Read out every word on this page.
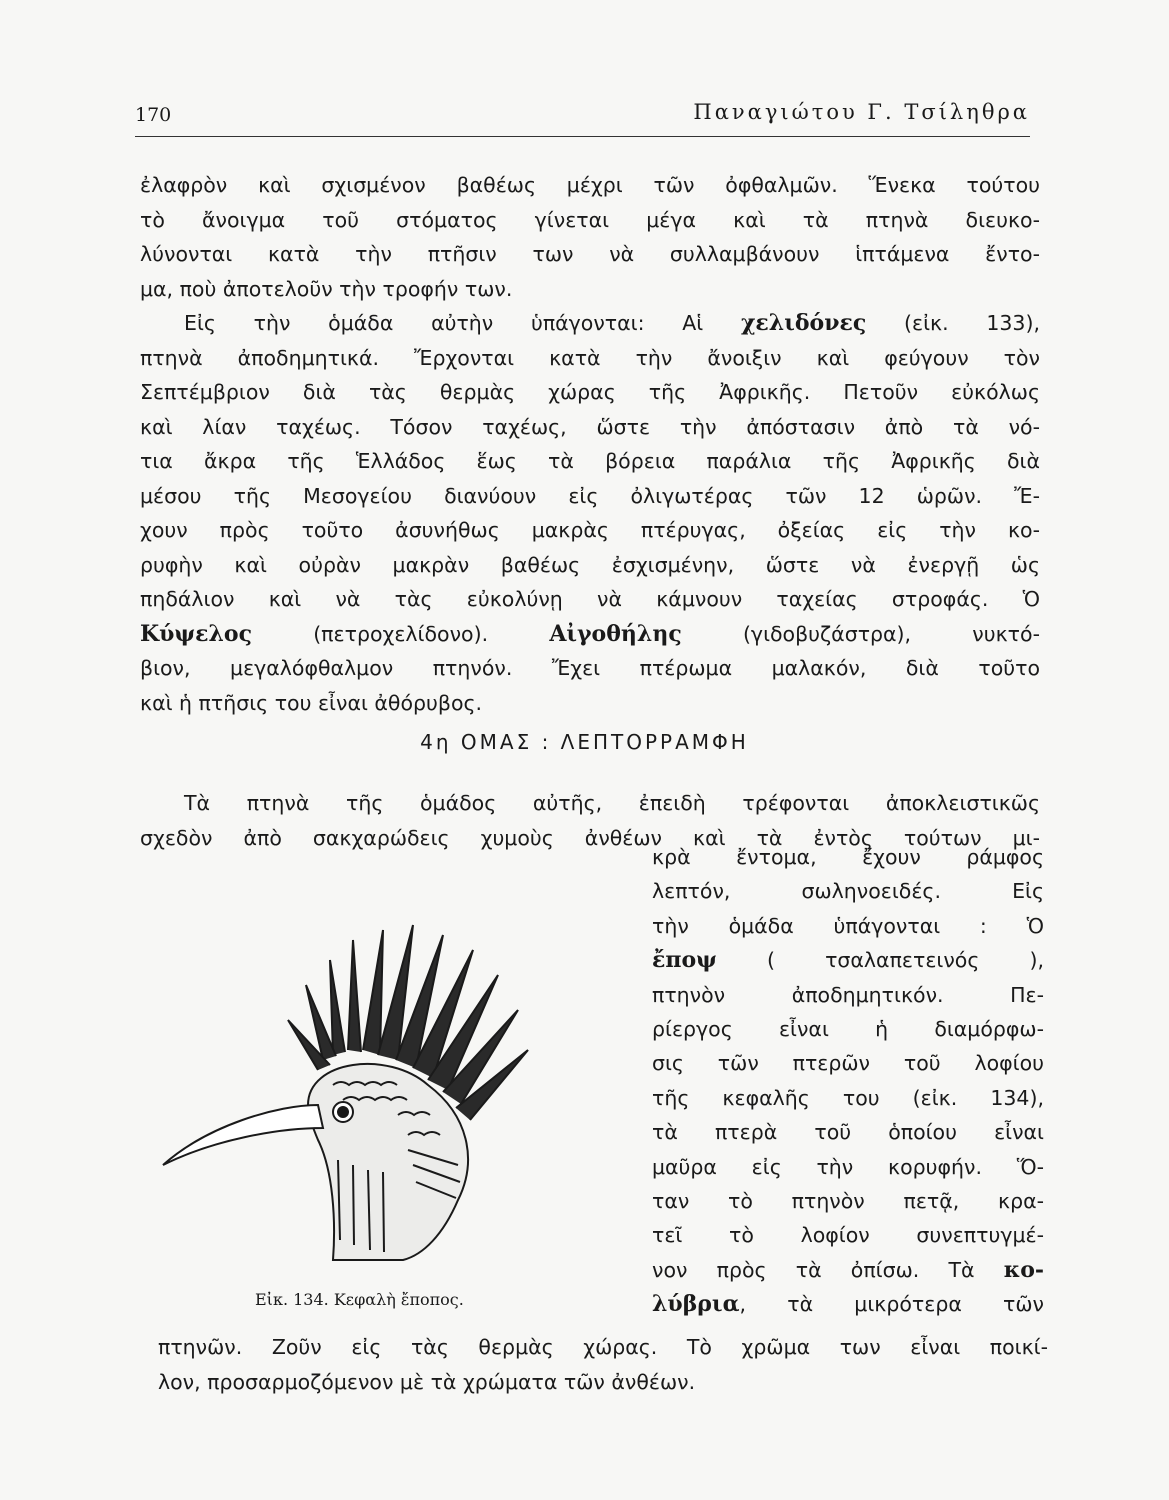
170	Παναγιώτου Γ. Τσίληθρα
ἐλαφρὸν καὶ σχισμένον βαθέως μέχρι τῶν ὀφθαλμῶν. Ἕνεκα τούτου
τὸ ἄνοιγμα τοῦ στόματος γίνεται μέγα καὶ τὰ πτηνὰ διευκο-
λύνονται κατὰ τὴν πτῆσιν των νὰ συλλαμβάνουν ἱπτάμενα ἔντο-
μα, ποὺ ἀποτελοῦν τὴν τροφήν των.
Εἰς τὴν ὁμάδα αὐτὴν ὑπάγονται: Αἱ χελιδόνες (εἰκ. 133),
πτηνὰ ἀποδημητικά. Ἔρχονται κατὰ τὴν ἄνοιξιν καὶ φεύγουν τὸν
Σεπτέμβριον διὰ τὰς θερμὰς χώρας τῆς Ἀφρικῆς. Πετοῦν εὐκόλως
καὶ λίαν ταχέως. Τόσον ταχέως, ὥστε τὴν ἀπόστασιν ἀπὸ τὰ νό-
τια ἄκρα τῆς Ἑλλάδος ἕως τὰ βόρεια παράλια τῆς Ἀφρικῆς διὰ
μέσου τῆς Μεσογείου διανύουν εἰς ὀλιγωτέρας τῶν 12 ὡρῶν. Ἔ-
χουν πρὸς τοῦτο ἀσυνήθως μακρὰς πτέρυγας, ὀξείας εἰς τὴν κο-
ρυφὴν καὶ οὐρὰν μακρὰν βαθέως ἐσχισμένην, ὥστε νὰ ἐνεργῇ ὡς
πηδάλιον καὶ νὰ τὰς εὐκολύνῃ νὰ κάμνουν ταχείας στροφάς. Ὁ
Κύψελος	(πετροχελίδονο).	Αἰγοθήλης	(γιδοβυζάστρα), νυκτό-
βιον, μεγαλόφθαλμον πτηνόν. Ἔχει πτέρωμα μαλακόν, διὰ τοῦτο
καὶ ἡ πτῆσις του εἶναι ἀθόρυβος.
4η ΟΜΑΣ : ΛΕΠΤΟΡΡΑΜΦΗ
Τὰ πτηνὰ τῆς ὁμάδος αὐτῆς, ἐπειδὴ τρέφονται ἀποκλειστικῶς
σχεδὸν ἀπὸ σακχαρώδεις χυμοὺς ἀνθέων καὶ τὰ ἐντὸς τούτων μι-
κρὰ ἔντομα, ἔχουν ράμφος
λεπτόν, σωληνοειδές. Εἰς
τὴν ὁμάδα ὑπάγονται : Ὁ
ἔποψ ( τσαλαπετεινός ),
πτηνὸν ἀποδημητικόν. Πε-
ρίεργος εἶναι ἡ διαμόρφω-
σις τῶν πτερῶν τοῦ λοφίου
τῆς κεφαλῆς του (εἰκ. 134),
τὰ πτερὰ τοῦ ὁποίου εἶναι
μαῦρα εἰς τὴν κορυφήν. Ὅ-
ταν τὸ πτηνὸν πετᾷ, κρα-
τεῖ τὸ λοφίον συνεπτυγμέ-
νον πρὸς τὰ ὀπίσω. Τὰ κο-
λύβρια, τὰ μικρότερα τῶν
Εἰκ. 134. Κεφαλὴ ἔποπος.
πτηνῶν. Ζοῦν εἰς τὰς θερμὰς χώρας. Τὸ χρῶμα των εἶναι ποικί-
λον, προσαρμοζόμενον μὲ τὰ χρώματα τῶν ἀνθέων.
